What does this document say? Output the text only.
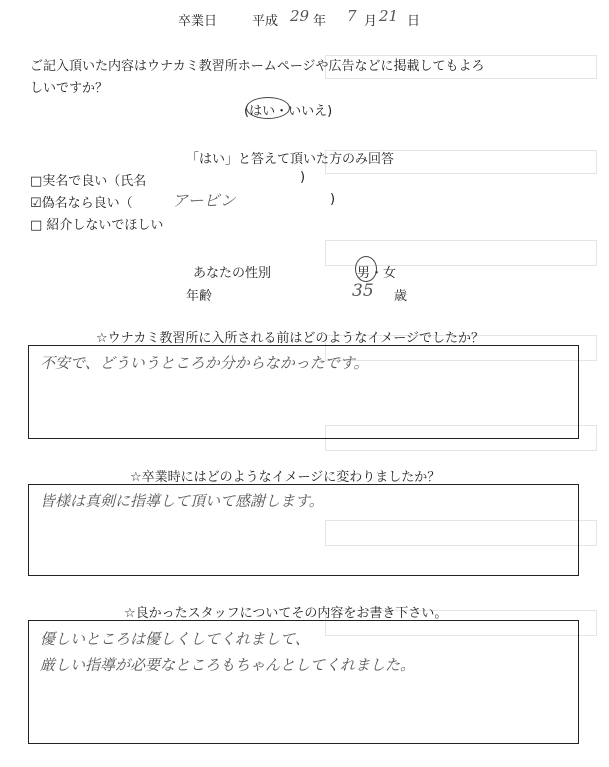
卒業日	平成 29 年 7 月 21 日
ご記入頂いた内容はウナカミ教習所ホームページや広告などに掲載してもよろ
しいですか？
(はい・いいえ)
「はい」と答えて頂いた方のみ回答
□実名で良い（氏名	)
☑偽名なら良い（ アービン	)
□ 紹介しないでほしい
あなたの性別	男・女
年齢	35 歳
☆ウナカミ教習所に入所される前はどのようなイメージでしたか？
不安で、どういうところか分からなかったです。
☆卒業時にはどのようなイメージに変わりましたか？
皆様は真剣に指導して頂いて感謝します。
☆良かったスタッフについてその内容をお書き下さい。
優しいところは優しくしてくれまして、
厳しい指導が必要なところもちゃんとしてくれました。
